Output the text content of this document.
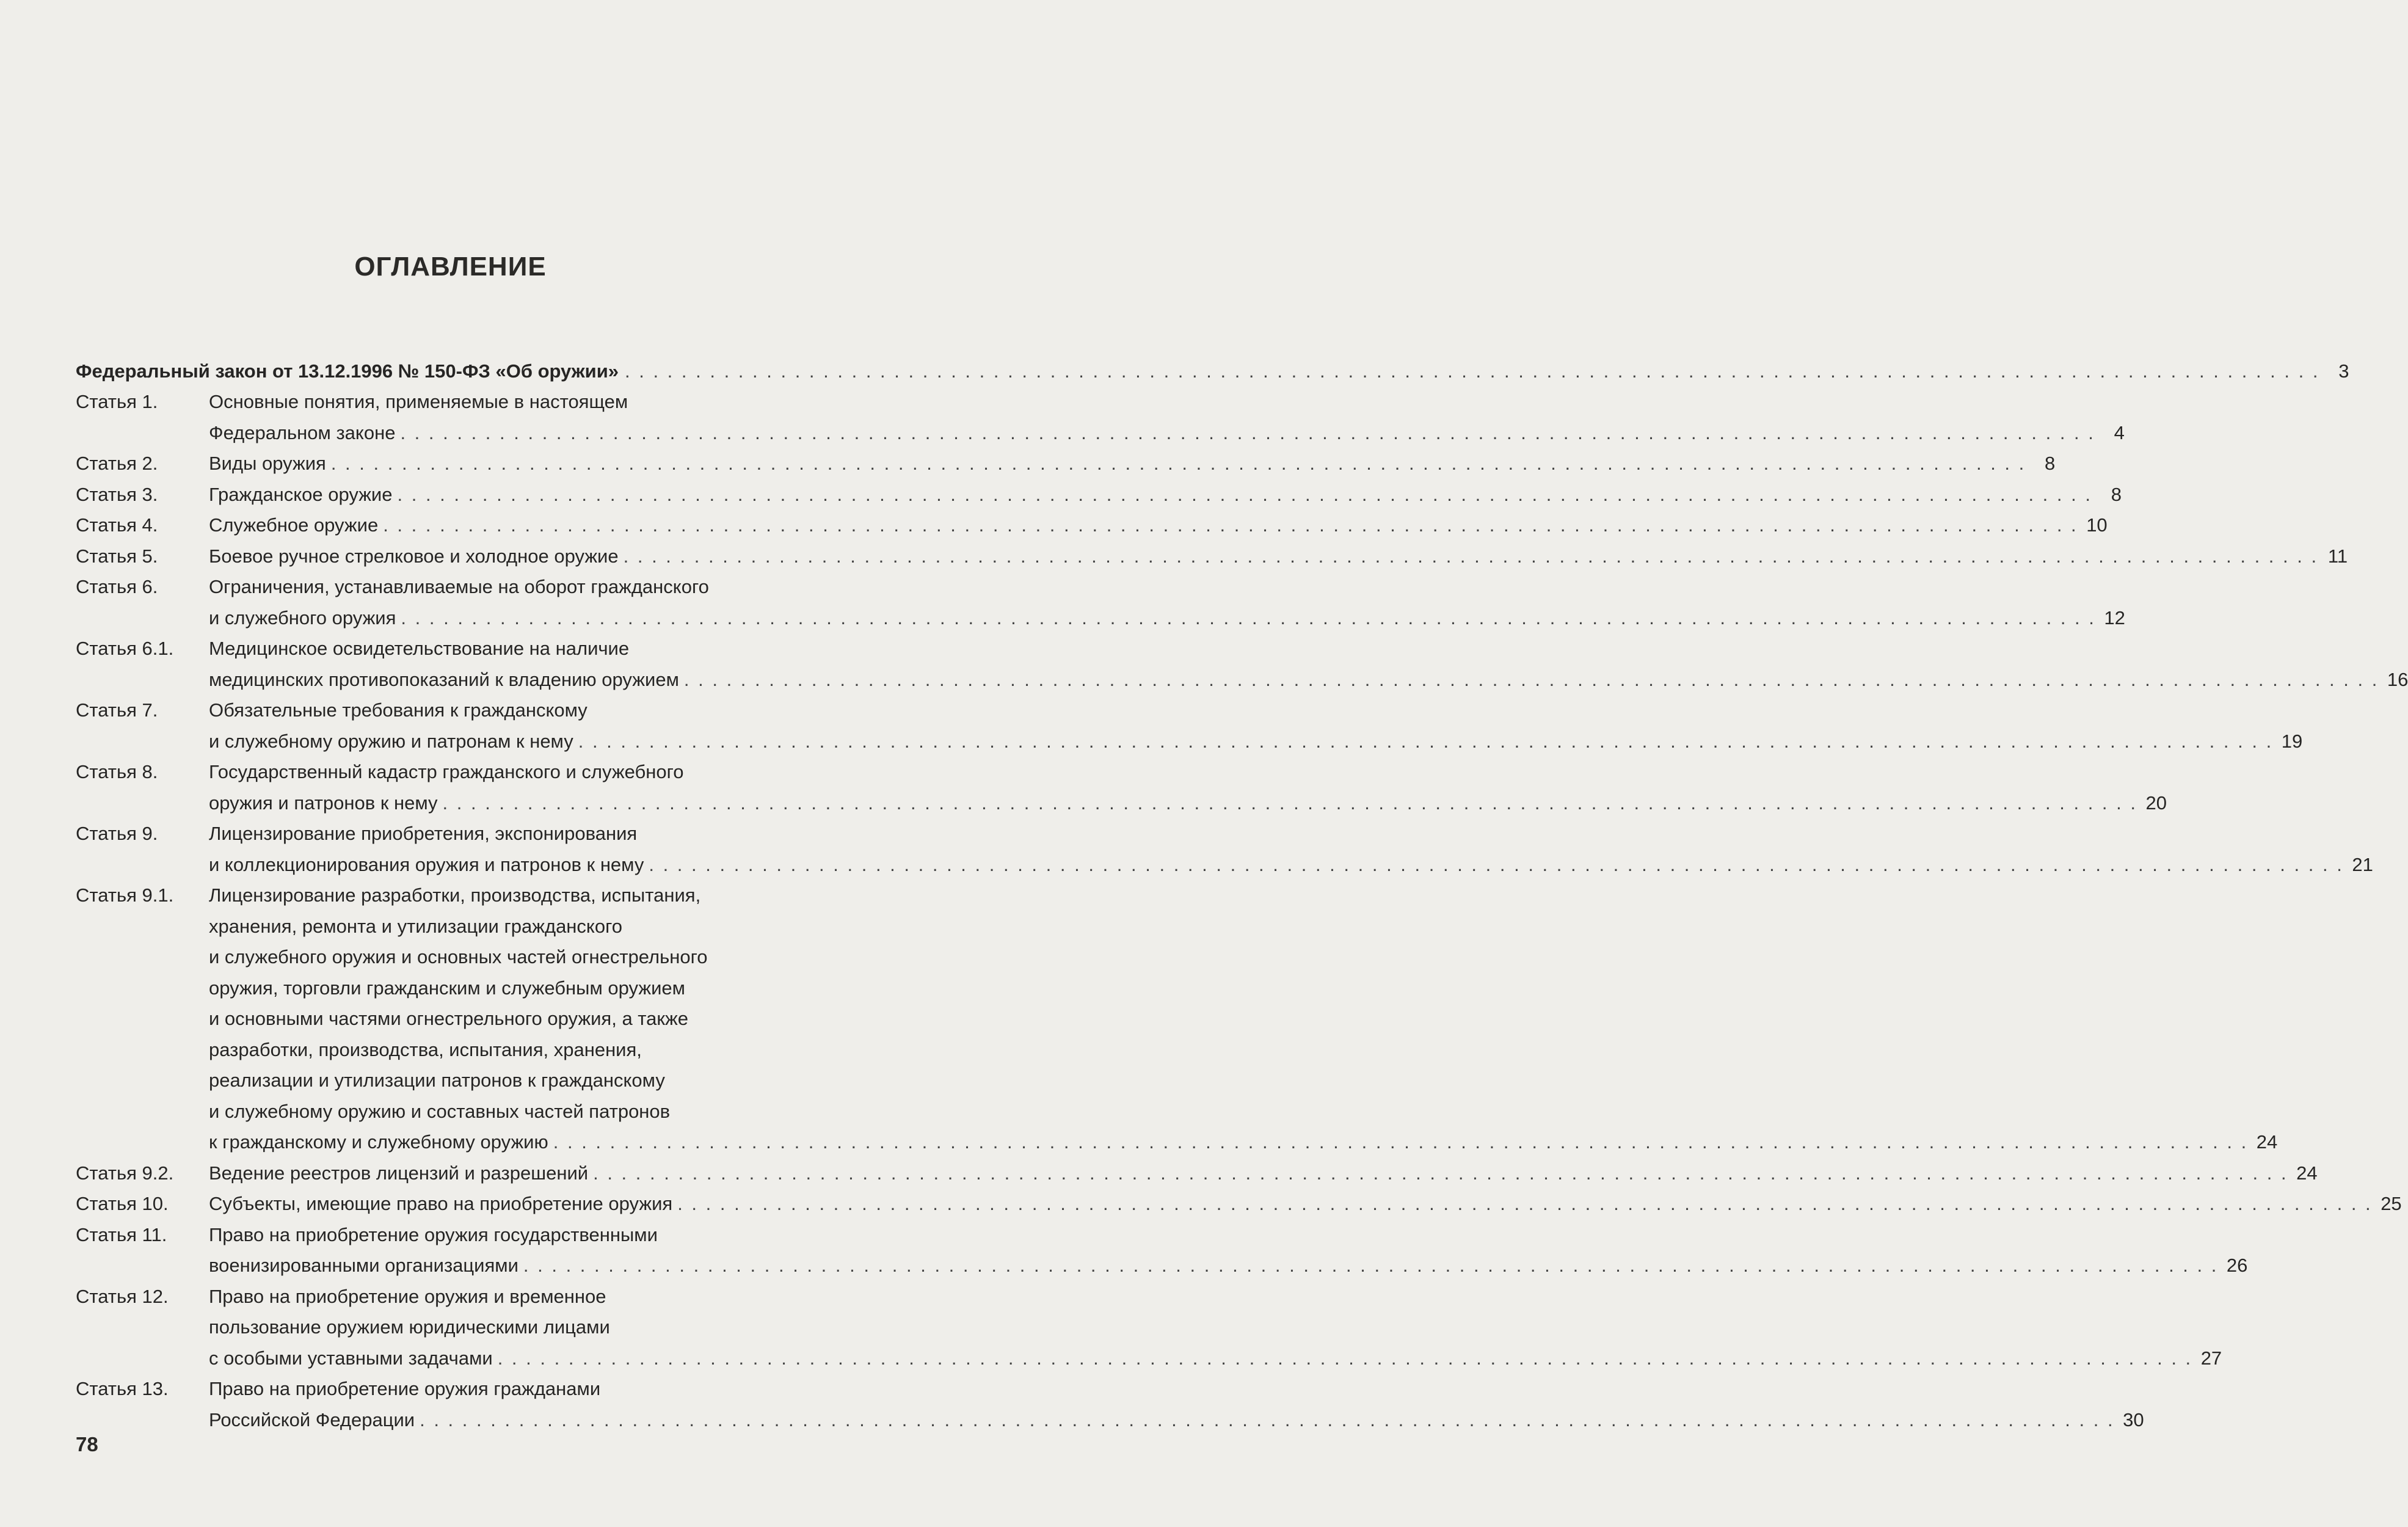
ОГЛАВЛЕНИЕ
Федеральный закон от 13.12.1996 № 150-ФЗ «Об оружии» . . . . . . . . . . . . . . . . . . . . . . . . . . . . . . . . . . . . . . . . . . . . . . . . . . . . . . . . . . . . . . . . . . . . . . . . . . . . . . . . . . . . . . . . . . . . . . . . . . . . . . . . . . . . . . . . . . . . . . . . 3
Статья 1.	Основные понятия, применяемые в настоящем
Федеральном законе . . . . . . . . . . . . . . . . . . . . . . . . . . . . . . . . . . . . . . . . . . . . . . . . . . . . . . . . . . . . . . . . . . . . . . . . . . . . . . . . . . . . . . . . . . . . . . . . . . . . . . . . . . . . . . . . . . . . . . . . 4
Статья 2.	Виды оружия . . . . . . . . . . . . . . . . . . . . . . . . . . . . . . . . . . . . . . . . . . . . . . . . . . . . . . . . . . . . . . . . . . . . . . . . . . . . . . . . . . . . . . . . . . . . . . . . . . . . . . . . . . . . . . . . . . . . . . . . 8
Статья 3.	Гражданское оружие . . . . . . . . . . . . . . . . . . . . . . . . . . . . . . . . . . . . . . . . . . . . . . . . . . . . . . . . . . . . . . . . . . . . . . . . . . . . . . . . . . . . . . . . . . . . . . . . . . . . . . . . . . . . . . . . . . . . . . . . 8
Статья 4.	Служебное оружие . . . . . . . . . . . . . . . . . . . . . . . . . . . . . . . . . . . . . . . . . . . . . . . . . . . . . . . . . . . . . . . . . . . . . . . . . . . . . . . . . . . . . . . . . . . . . . . . . . . . . . . . . . . . . . . . . . . . . . . . 10
Статья 5.	Боевое ручное стрелковое и холодное оружие . . . . . . . . . . . . . . . . . . . . . . . . . . . . . . . . . . . . . . . . . . . . . . . . . . . . . . . . . . . . . . . . . . . . . . . . . . . . . . . . . . . . . . . . . . . . . . . . . . . . . . . . . . . . . . . . . . . . . . . . 11
Статья 6.	Ограничения, устанавливаемые на оборот гражданского
и служебного оружия . . . . . . . . . . . . . . . . . . . . . . . . . . . . . . . . . . . . . . . . . . . . . . . . . . . . . . . . . . . . . . . . . . . . . . . . . . . . . . . . . . . . . . . . . . . . . . . . . . . . . . . . . . . . . . . . . . . . . . . . 12
Статья 6.1.	Медицинское освидетельствование на наличие
медицинских противопоказаний к владению оружием . . . . . . . . . . . . . . . . . . . . . . . . . . . . . . . . . . . . . . . . . . . . . . . . . . . . . . . . . . . . . . . . . . . . . . . . . . . . . . . . . . . . . . . . . . . . . . . . . . . . . . . . . . . . . . . . . . . . . . . . 16
Статья 7.	Обязательные требования к гражданскому
и служебному оружию и патронам к нему . . . . . . . . . . . . . . . . . . . . . . . . . . . . . . . . . . . . . . . . . . . . . . . . . . . . . . . . . . . . . . . . . . . . . . . . . . . . . . . . . . . . . . . . . . . . . . . . . . . . . . . . . . . . . . . . . . . . . . . . 19
Статья 8.	Государственный кадастр гражданского и служебного
оружия и патронов к нему . . . . . . . . . . . . . . . . . . . . . . . . . . . . . . . . . . . . . . . . . . . . . . . . . . . . . . . . . . . . . . . . . . . . . . . . . . . . . . . . . . . . . . . . . . . . . . . . . . . . . . . . . . . . . . . . . . . . . . . . 20
Статья 9.	Лицензирование приобретения, экспонирования
и коллекционирования оружия и патронов к нему . . . . . . . . . . . . . . . . . . . . . . . . . . . . . . . . . . . . . . . . . . . . . . . . . . . . . . . . . . . . . . . . . . . . . . . . . . . . . . . . . . . . . . . . . . . . . . . . . . . . . . . . . . . . . . . . . . . . . . . . 21
Статья 9.1.	Лицензирование разработки, производства, испытания,
хранения, ремонта и утилизации гражданского
и служебного оружия и основных частей огнестрельного
оружия, торговли гражданским и служебным оружием
и основными частями огнестрельного оружия, а также
разработки, производства, испытания, хранения,
реализации и утилизации патронов к гражданскому
и служебному оружию и составных частей патронов
к гражданскому и служебному оружию . . . . . . . . . . . . . . . . . . . . . . . . . . . . . . . . . . . . . . . . . . . . . . . . . . . . . . . . . . . . . . . . . . . . . . . . . . . . . . . . . . . . . . . . . . . . . . . . . . . . . . . . . . . . . . . . . . . . . . . . 24
Статья 9.2.	Ведение реестров лицензий и разрешений . . . . . . . . . . . . . . . . . . . . . . . . . . . . . . . . . . . . . . . . . . . . . . . . . . . . . . . . . . . . . . . . . . . . . . . . . . . . . . . . . . . . . . . . . . . . . . . . . . . . . . . . . . . . . . . . . . . . . . . . 24
Статья 10.	Субъекты, имеющие право на приобретение оружия . . . . . . . . . . . . . . . . . . . . . . . . . . . . . . . . . . . . . . . . . . . . . . . . . . . . . . . . . . . . . . . . . . . . . . . . . . . . . . . . . . . . . . . . . . . . . . . . . . . . . . . . . . . . . . . . . . . . . . . . 25
Статья 11.	Право на приобретение оружия государственными
военизированными организациями . . . . . . . . . . . . . . . . . . . . . . . . . . . . . . . . . . . . . . . . . . . . . . . . . . . . . . . . . . . . . . . . . . . . . . . . . . . . . . . . . . . . . . . . . . . . . . . . . . . . . . . . . . . . . . . . . . . . . . . . 26
Статья 12.	Право на приобретение оружия и временное
пользование оружием юридическими лицами
с особыми уставными задачами . . . . . . . . . . . . . . . . . . . . . . . . . . . . . . . . . . . . . . . . . . . . . . . . . . . . . . . . . . . . . . . . . . . . . . . . . . . . . . . . . . . . . . . . . . . . . . . . . . . . . . . . . . . . . . . . . . . . . . . . 27
Статья 13.	Право на приобретение оружия гражданами
Российской Федерации . . . . . . . . . . . . . . . . . . . . . . . . . . . . . . . . . . . . . . . . . . . . . . . . . . . . . . . . . . . . . . . . . . . . . . . . . . . . . . . . . . . . . . . . . . . . . . . . . . . . . . . . . . . . . . . . . . . . . . . . 30
78
